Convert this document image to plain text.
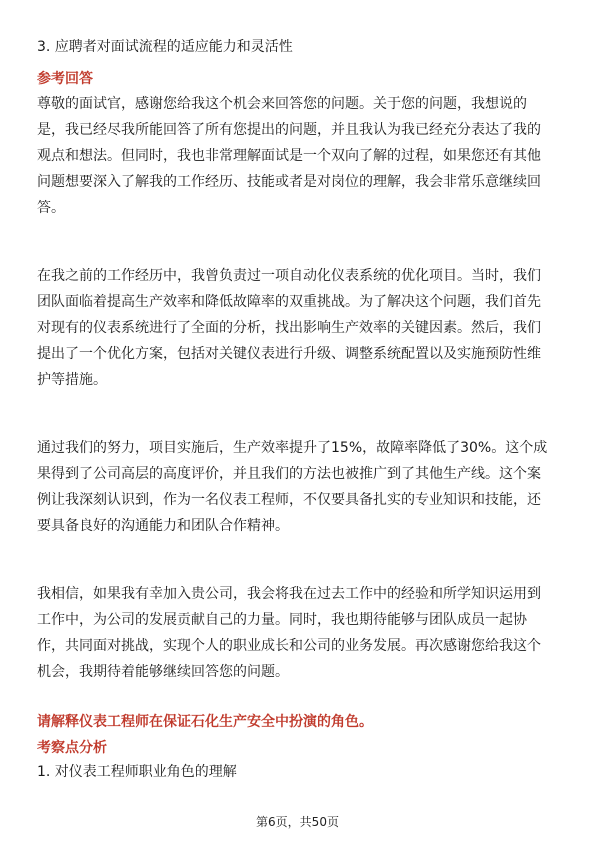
3. 应聘者对面试流程的适应能力和灵活性
参考回答
尊敬的面试官，感谢您给我这个机会来回答您的问题。关于您的问题，我想说的
是，我已经尽我所能回答了所有您提出的问题，并且我认为我已经充分表达了我的
观点和想法。但同时，我也非常理解面试是一个双向了解的过程，如果您还有其他
问题想要深入了解我的工作经历、技能或者是对岗位的理解，我会非常乐意继续回
答。
在我之前的工作经历中，我曾负责过一项自动化仪表系统的优化项目。当时，我们
团队面临着提高生产效率和降低故障率的双重挑战。为了解决这个问题，我们首先
对现有的仪表系统进行了全面的分析，找出影响生产效率的关键因素。然后，我们
提出了一个优化方案，包括对关键仪表进行升级、调整系统配置以及实施预防性维
护等措施。
通过我们的努力，项目实施后，生产效率提升了15%，故障率降低了30%。这个成
果得到了公司高层的高度评价，并且我们的方法也被推广到了其他生产线。这个案
例让我深刻认识到，作为一名仪表工程师，不仅要具备扎实的专业知识和技能，还
要具备良好的沟通能力和团队合作精神。
我相信，如果我有幸加入贵公司，我会将我在过去工作中的经验和所学知识运用到
工作中，为公司的发展贡献自己的力量。同时，我也期待能够与团队成员一起协
作，共同面对挑战，实现个人的职业成长和公司的业务发展。再次感谢您给我这个
机会，我期待着能够继续回答您的问题。
请解释仪表工程师在保证石化生产安全中扮演的角色。
考察点分析
1. 对仪表工程师职业角色的理解
第6页，共50页
